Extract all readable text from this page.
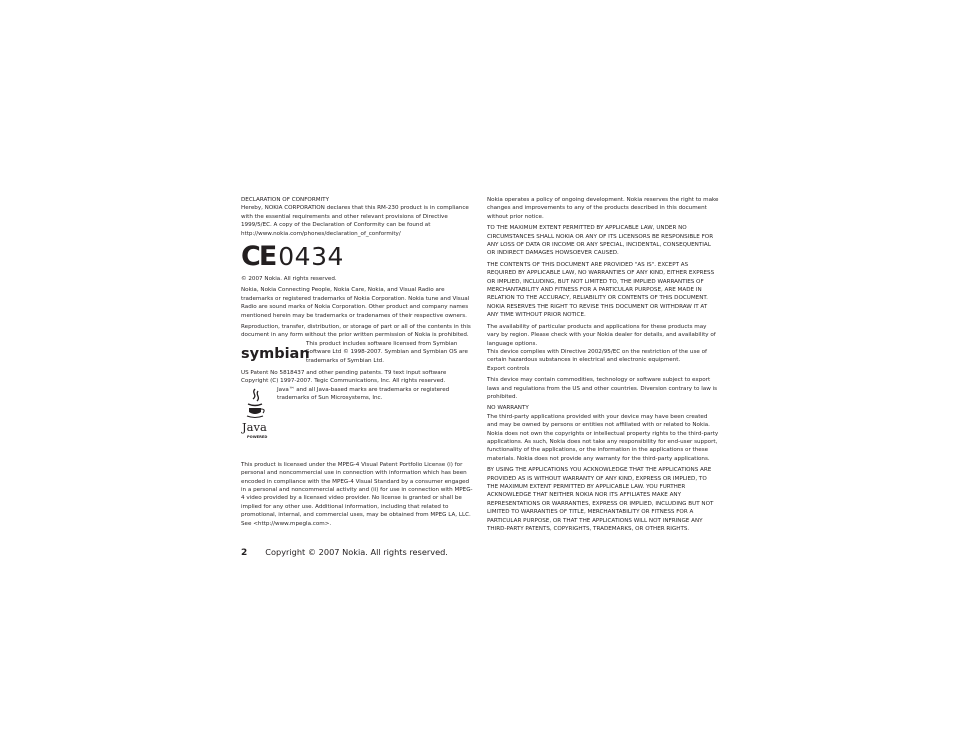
DECLARATION OF CONFORMITY
Hereby, NOKIA CORPORATION declares that this RM-230 product is in compliance with the essential requirements and other relevant provisions of Directive 1999/5/EC. A copy of the Declaration of Conformity can be found at http://www.nokia.com/phones/declaration_of_conformity/
CE 0434
© 2007 Nokia. All rights reserved.
Nokia, Nokia Connecting People, Nokia Care, Nokia, and Visual Radio are trademarks or registered trademarks of Nokia Corporation. Nokia tune and Visual Radio are sound marks of Nokia Corporation. Other product and company names mentioned herein may be trademarks or tradenames of their respective owners.
Reproduction, transfer, distribution, or storage of part or all of the contents in this document in any form without the prior written permission of Nokia is prohibited.
symbian
This product includes software licensed from Symbian Software Ltd © 1998-2007. Symbian and Symbian OS are trademarks of Symbian Ltd.
US Patent No 5818437 and other pending patents. T9 text input software Copyright (C) 1997-2007. Tegic Communications, Inc. All rights reserved.
Java
POWERED
Java™ and all Java-based marks are trademarks or registered trademarks of Sun Microsystems, Inc.
This product is licensed under the MPEG-4 Visual Patent Portfolio License (i) for personal and noncommercial use in connection with information which has been encoded in compliance with the MPEG-4 Visual Standard by a consumer engaged in a personal and noncommercial activity and (ii) for use in connection with MPEG-4 video provided by a licensed video provider. No license is granted or shall be implied for any other use. Additional information, including that related to promotional, internal, and commercial uses, may be obtained from MPEG LA, LLC. See <http://www.mpegla.com>.
Nokia operates a policy of ongoing development. Nokia reserves the right to make changes and improvements to any of the products described in this document without prior notice.
TO THE MAXIMUM EXTENT PERMITTED BY APPLICABLE LAW, UNDER NO CIRCUMSTANCES SHALL NOKIA OR ANY OF ITS LICENSORS BE RESPONSIBLE FOR ANY LOSS OF DATA OR INCOME OR ANY SPECIAL, INCIDENTAL, CONSEQUENTIAL OR INDIRECT DAMAGES HOWSOEVER CAUSED.
THE CONTENTS OF THIS DOCUMENT ARE PROVIDED "AS IS". EXCEPT AS REQUIRED BY APPLICABLE LAW, NO WARRANTIES OF ANY KIND, EITHER EXPRESS OR IMPLIED, INCLUDING, BUT NOT LIMITED TO, THE IMPLIED WARRANTIES OF MERCHANTABILITY AND FITNESS FOR A PARTICULAR PURPOSE, ARE MADE IN RELATION TO THE ACCURACY, RELIABILITY OR CONTENTS OF THIS DOCUMENT. NOKIA RESERVES THE RIGHT TO REVISE THIS DOCUMENT OR WITHDRAW IT AT ANY TIME WITHOUT PRIOR NOTICE.
The availability of particular products and applications for these products may vary by region. Please check with your Nokia dealer for details, and availability of language options.
This device complies with Directive 2002/95/EC on the restriction of the use of certain hazardous substances in electrical and electronic equipment.
Export controls
This device may contain commodities, technology or software subject to export laws and regulations from the US and other countries. Diversion contrary to law is prohibited.
NO WARRANTY
The third-party applications provided with your device may have been created and may be owned by persons or entities not affiliated with or related to Nokia. Nokia does not own the copyrights or intellectual property rights to the third-party applications. As such, Nokia does not take any responsibility for end-user support, functionality of the applications, or the information in the applications or these materials. Nokia does not provide any warranty for the third-party applications.
BY USING THE APPLICATIONS YOU ACKNOWLEDGE THAT THE APPLICATIONS ARE PROVIDED AS IS WITHOUT WARRANTY OF ANY KIND, EXPRESS OR IMPLIED, TO THE MAXIMUM EXTENT PERMITTED BY APPLICABLE LAW. YOU FURTHER ACKNOWLEDGE THAT NEITHER NOKIA NOR ITS AFFILIATES MAKE ANY REPRESENTATIONS OR WARRANTIES, EXPRESS OR IMPLIED, INCLUDING BUT NOT LIMITED TO WARRANTIES OF TITLE, MERCHANTABILITY OR FITNESS FOR A PARTICULAR PURPOSE, OR THAT THE APPLICATIONS WILL NOT INFRINGE ANY THIRD-PARTY PATENTS, COPYRIGHTS, TRADEMARKS, OR OTHER RIGHTS.
2 Copyright © 2007 Nokia. All rights reserved.
